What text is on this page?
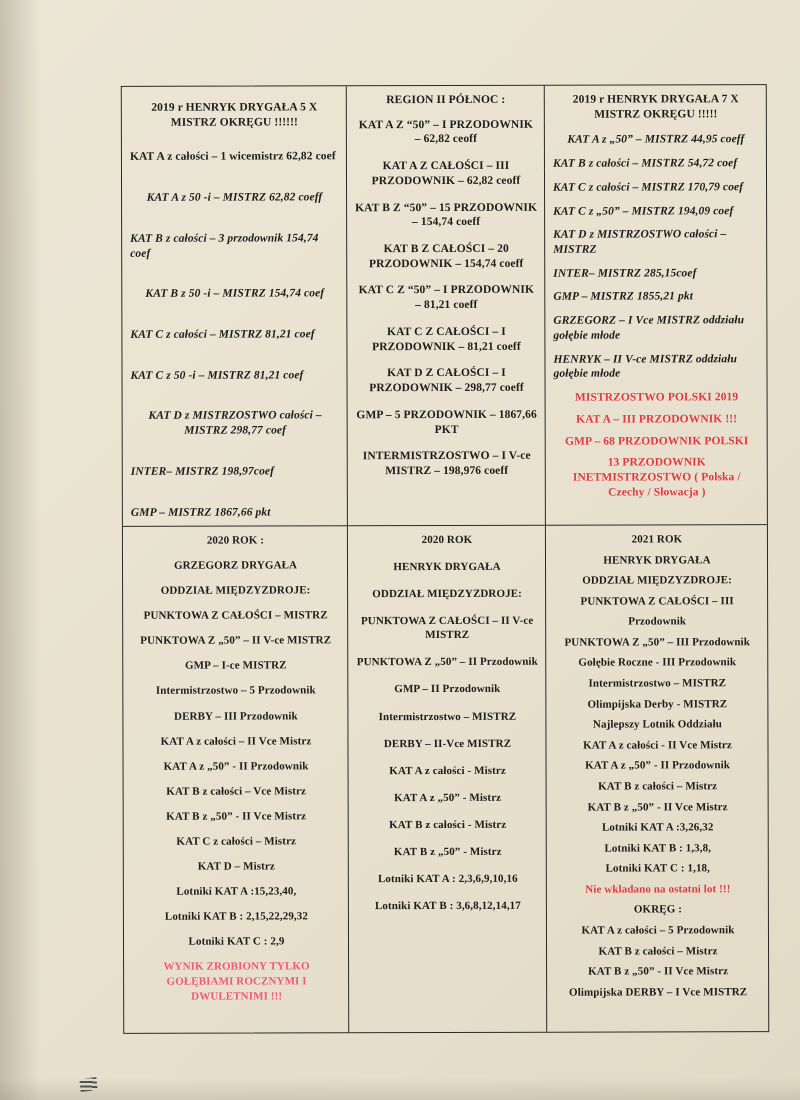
2019 r HENRYK DRYGAŁA 5 X MISTRZ OKRĘGU !!!!!!

KAT A z całości – 1 wicemistrz 62,82 coef

KAT A z 50 -i – MISTRZ 62,82 coeff

KAT B z całości – 3 przodownik 154,74 coef

KAT B z 50 -i – MISTRZ 154,74 coef

KAT C z całości – MISTRZ 81,21 coef

KAT C z 50 -i – MISTRZ 81,21 coef

KAT D z MISTRZOSTWO całości – MISTRZ 298,77 coef

INTER– MISTRZ 198,97coef

GMP – MISTRZ 1867,66 pkt

REGION II PÓŁNOC :

KAT A Z “50” – I PRZODOWNIK – 62,82 ceoff

KAT A Z CAŁOŚCI – III PRZODOWNIK – 62,82 ceoff

KAT B Z “50” – 15 PRZODOWNIK – 154,74 coeff

KAT B Z CAŁOŚCI – 20 PRZODOWNIK – 154,74 coeff

KAT C Z “50” – I PRZODOWNIK – 81,21 coeff

KAT C Z CAŁOŚCI – I PRZODOWNIK – 81,21 coeff

KAT D Z CAŁOŚCI – I PRZODOWNIK – 298,77 coeff

GMP – 5 PRZODOWNIK – 1867,66 PKT

INTERMISTRZOSTWO – I V-ce MISTRZ – 198,976 coeff

2019 r HENRYK DRYGAŁA 7 X MISTRZ OKRĘGU !!!!!

KAT A z „50” – MISTRZ 44,95 coeff

KAT B z całości – MISTRZ 54,72 coef

KAT C z całości – MISTRZ 170,79 coef

KAT C z „50” – MISTRZ 194,09 coef

KAT D z MISTRZOSTWO całości – MISTRZ

INTER– MISTRZ 285,15coef

GMP – MISTRZ 1855,21 pkt

GRZEGORZ – I Vce MISTRZ oddziału gołębie młode

HENRYK – II V-ce MISTRZ oddziału gołębie młode

MISTRZOSTWO POLSKI 2019

KAT A – III PRZODOWNIK !!!

GMP – 68 PRZODOWNIK POLSKI

13 PRZODOWNIK INETMISTRZOSTWO ( Polska / Czechy / Słowacja )

2020 ROK :

GRZEGORZ DRYGAŁA

ODDZIAŁ MIĘDZYZDROJE:

PUNKTOWA Z CAŁOŚCI – MISTRZ

PUNKTOWA Z „50” – II V-ce MISTRZ

GMP – I-ce MISTRZ

Intermistrzostwo – 5 Przodownik

DERBY – III Przodownik

KAT A z całości – II Vce Mistrz

KAT A z „50” - II Przodownik

KAT B z całości – Vce Mistrz

KAT B z „50” - II Vce Mistrz

KAT C z całości – Mistrz

KAT D – Mistrz

Lotniki KAT A :15,23,40,

Lotniki KAT B : 2,15,22,29,32

Lotniki KAT C : 2,9

WYNIK ZROBIONY TYLKO GOŁĘBIAMI ROCZNYMI I DWULETNIMI !!!

2020 ROK

HENRYK DRYGAŁA

ODDZIAŁ MIĘDZYZDROJE:

PUNKTOWA Z CAŁOŚCI – II V-ce MISTRZ

PUNKTOWA Z „50” – II Przodownik

GMP – II Przodownik

Intermistrzostwo – MISTRZ

DERBY – II-Vce MISTRZ

KAT A z całości - Mistrz

KAT A z „50” - Mistrz

KAT B z całości - Mistrz

KAT B z „50” - Mistrz

Lotniki KAT A : 2,3,6,9,10,16

Lotniki KAT B : 3,6,8,12,14,17

2021 ROK

HENRYK DRYGAŁA

ODDZIAŁ MIĘDZYZDROJE:

PUNKTOWA Z CAŁOŚCI – III

Przodownik

PUNKTOWA Z „50” – III Przodownik

Gołębie Roczne - III Przodownik

Intermistrzostwo – MISTRZ

Olimpijska Derby - MISTRZ

Najlepszy Lotnik Oddziału

KAT A z całości - II Vce Mistrz

KAT A z „50” - II Przodownik

KAT B z całości – Mistrz

KAT B z „50” - II Vce Mistrz

Lotniki KAT A :3,26,32

Lotniki KAT B : 1,3,8,

Lotniki KAT C : 1,18,

Nie wkladano na ostatni lot !!!

OKRĘG :

KAT A z całości – 5 Przodownik

KAT B z całości – Mistrz

KAT B z „50” - II Vce Mistrz

Olimpijska DERBY – I Vce MISTRZ
